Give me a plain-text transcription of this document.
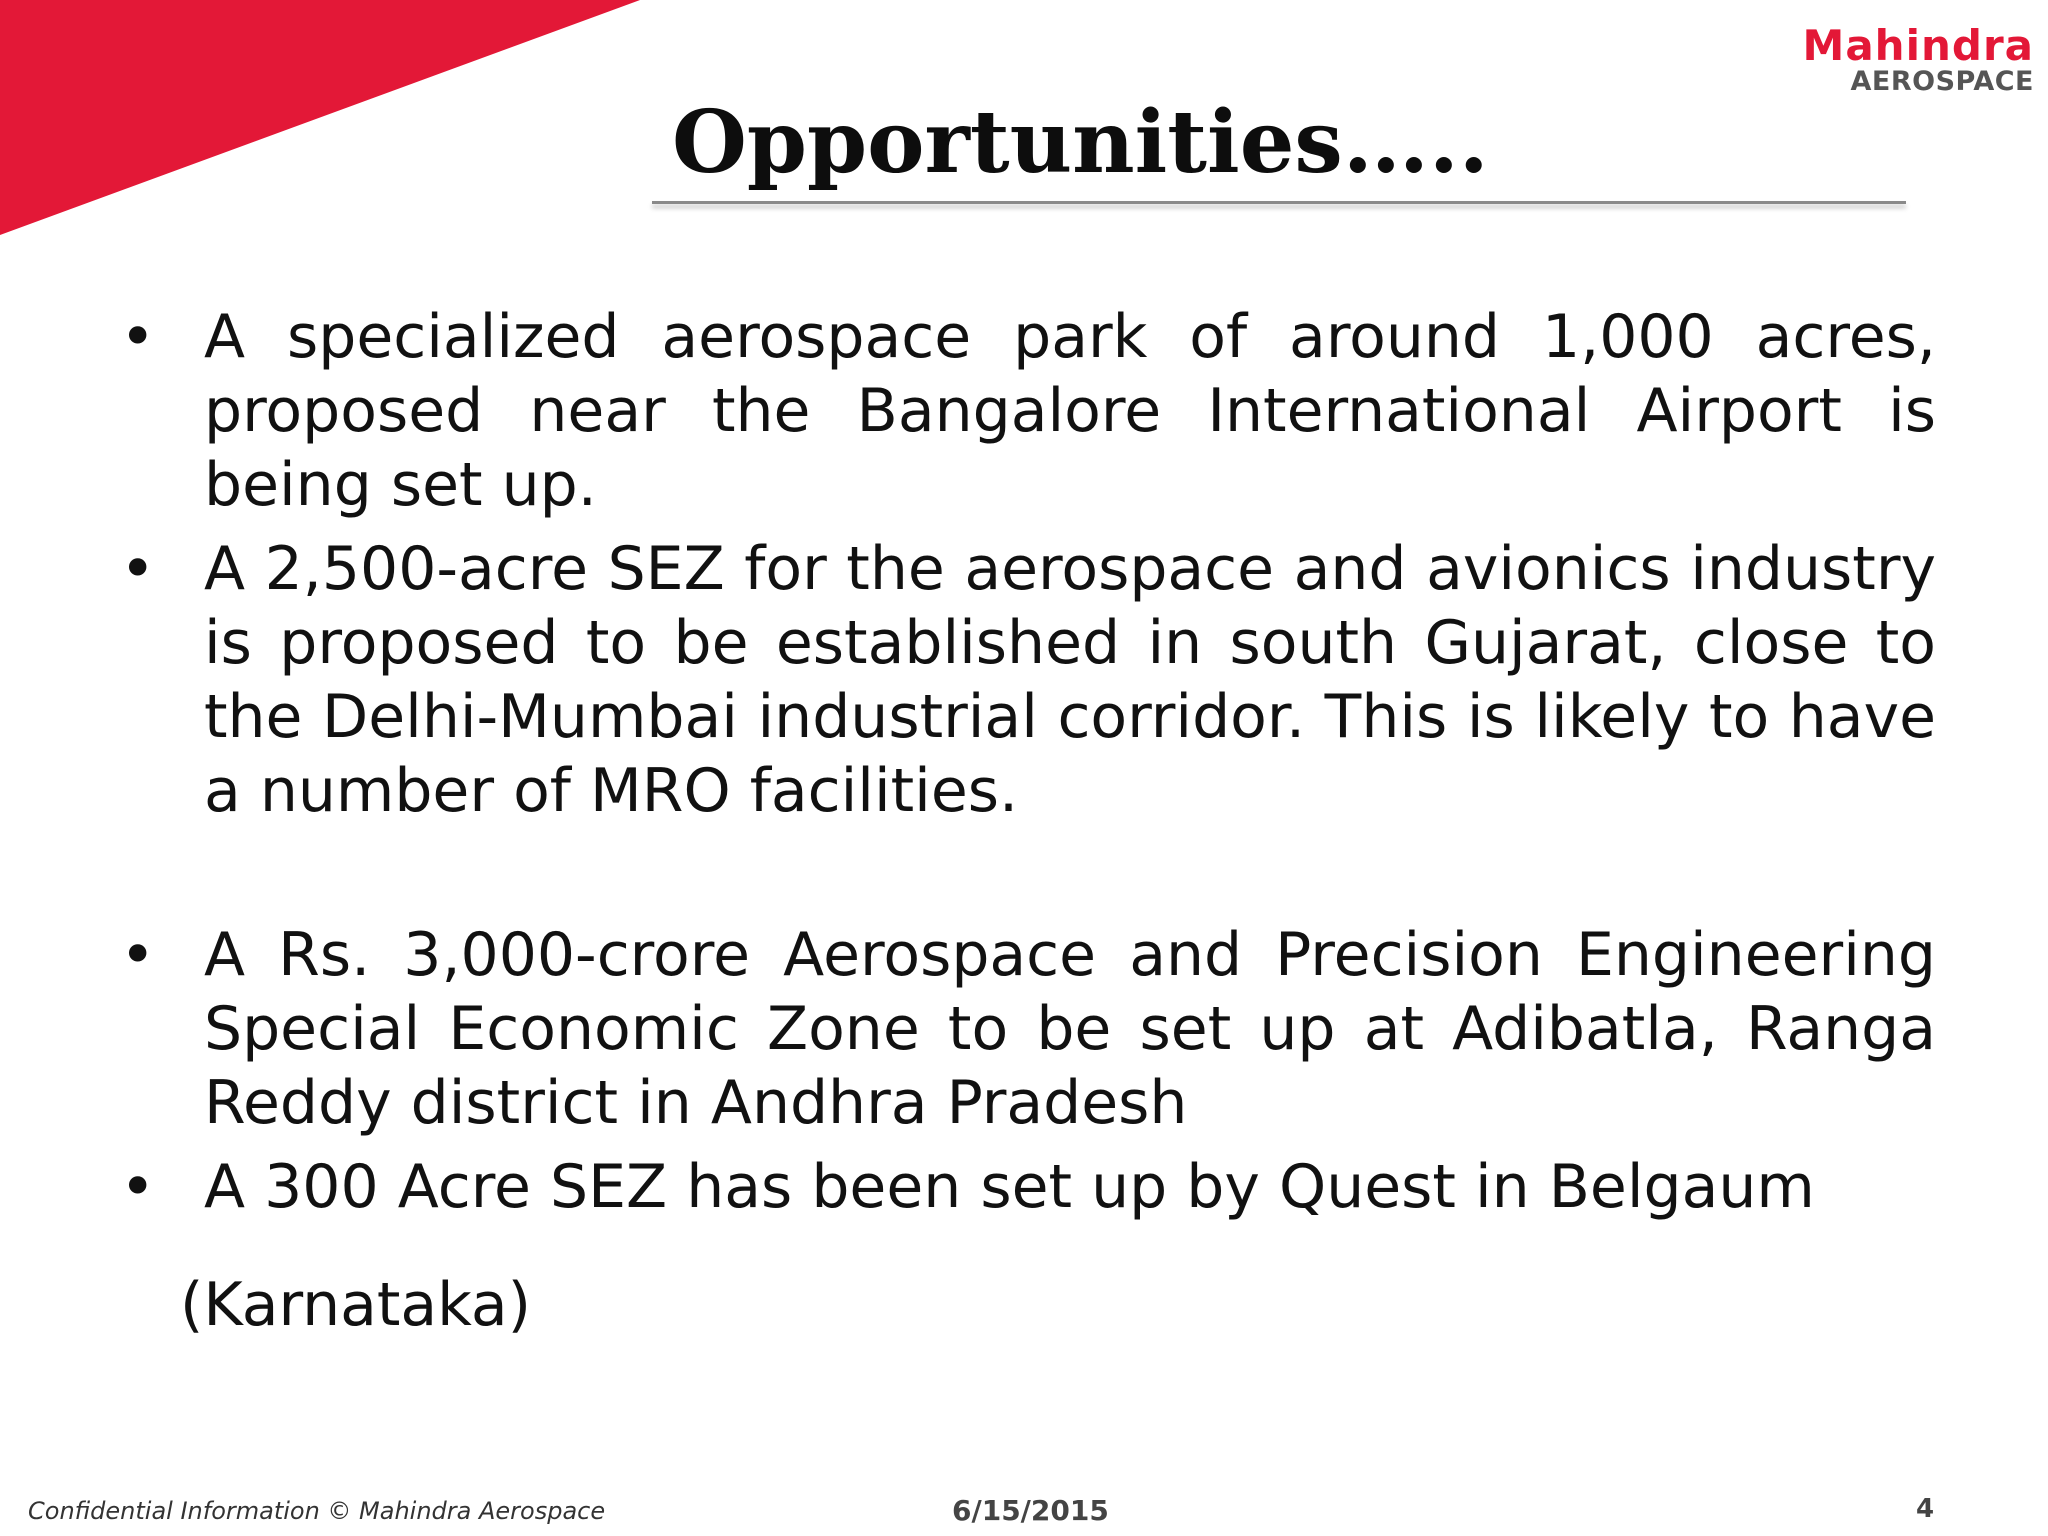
Mahindra
AEROSPACE
Opportunities…..
• A specialized aerospace park of around 1,000 acres, proposed near the Bangalore International Airport is being set up.
• A 2,500-acre SEZ for the aerospace and avionics industry is proposed to be established in south Gujarat, close to the Delhi-Mumbai industrial corridor. This is likely to have a number of MRO facilities.
• A Rs. 3,000-crore Aerospace and Precision Engineering Special Economic Zone to be set up at Adibatla, Ranga Reddy district in Andhra Pradesh
• A 300 Acre SEZ has been set up by Quest in Belgaum

(Karnataka)

Confidential Information © Mahindra Aerospace	6/15/2015	4
